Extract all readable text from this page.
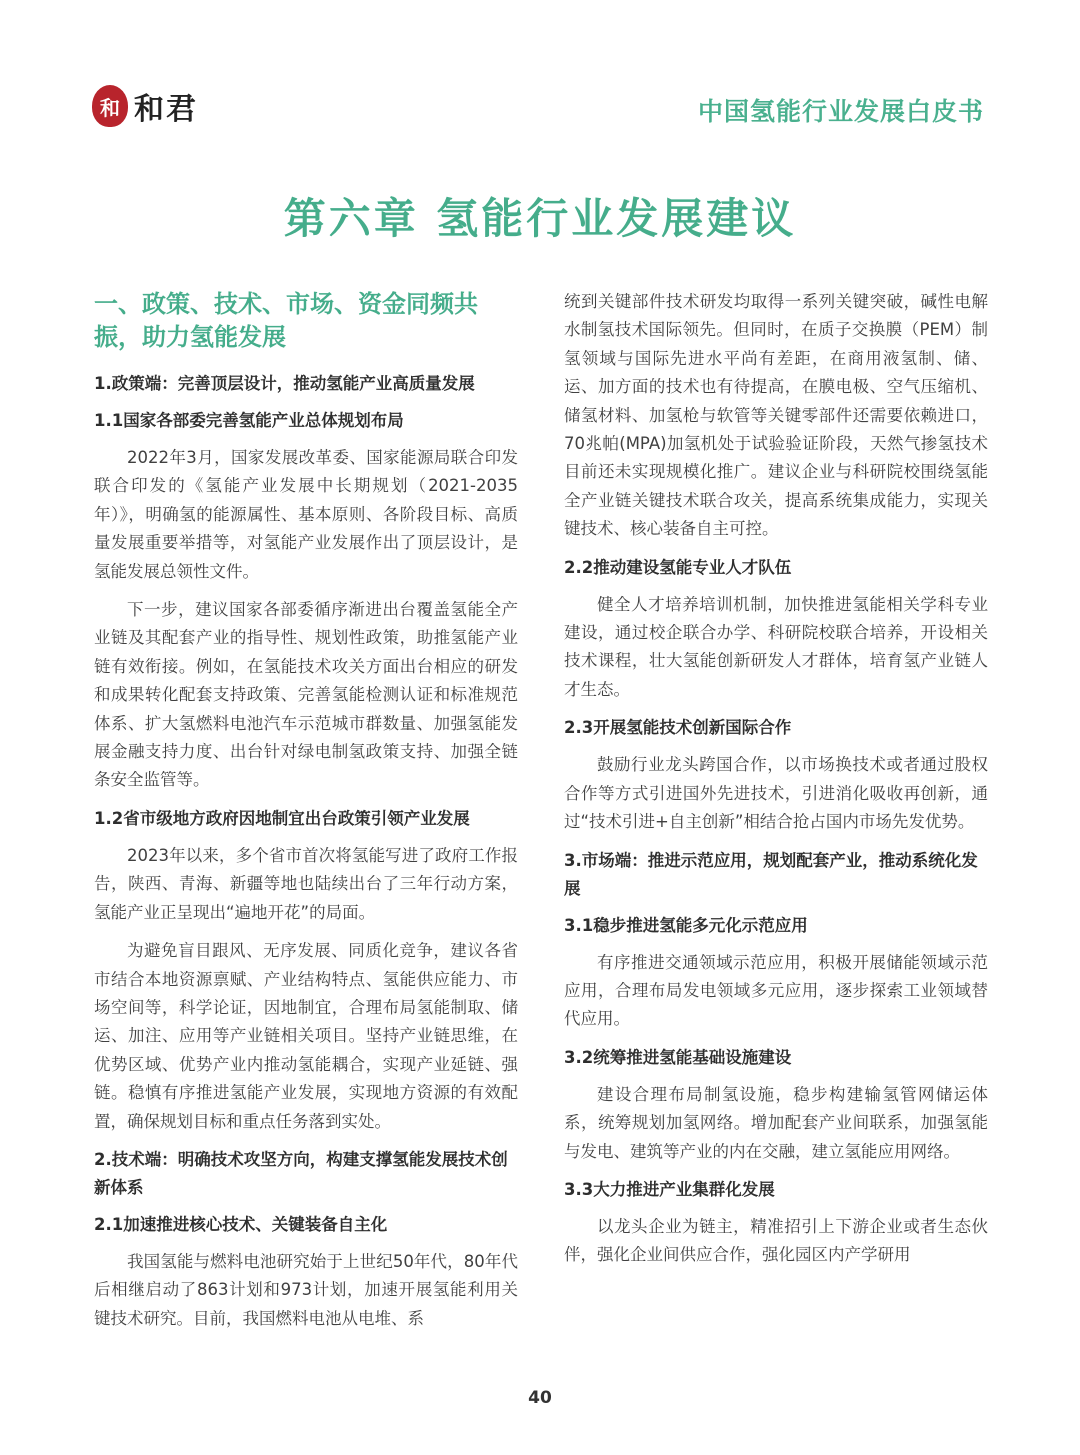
和 和君	中国氢能行业发展白皮书
第六章 氢能行业发展建议
一、政策、技术、市场、资金同频共振，助力氢能发展
1.政策端：完善顶层设计，推动氢能产业高质量发展
1.1国家各部委完善氢能产业总体规划布局
2022年3月，国家发展改革委、国家能源局联合印发联合印发的《氢能产业发展中长期规划（2021-2035年）》，明确氢的能源属性、基本原则、各阶段目标、高质量发展重要举措等，对氢能产业发展作出了顶层设计，是氢能发展总领性文件。
下一步，建议国家各部委循序渐进出台覆盖氢能全产业链及其配套产业的指导性、规划性政策，助推氢能产业链有效衔接。例如，在氢能技术攻关方面出台相应的研发和成果转化配套支持政策、完善氢能检测认证和标准规范体系、扩大氢燃料电池汽车示范城市群数量、加强氢能发展金融支持力度、出台针对绿电制氢政策支持、加强全链条安全监管等。
1.2省市级地方政府因地制宜出台政策引领产业发展
2023年以来，多个省市首次将氢能写进了政府工作报告，陕西、青海、新疆等地也陆续出台了三年行动方案，氢能产业正呈现出“遍地开花”的局面。
为避免盲目跟风、无序发展、同质化竞争，建议各省市结合本地资源禀赋、产业结构特点、氢能供应能力、市场空间等，科学论证，因地制宜，合理布局氢能制取、储运、加注、应用等产业链相关项目。坚持产业链思维，在优势区域、优势产业内推动氢能耦合，实现产业延链、强链。稳慎有序推进氢能产业发展，实现地方资源的有效配置，确保规划目标和重点任务落到实处。
2.技术端：明确技术攻坚方向，构建支撑氢能发展技术创新体系
2.1加速推进核心技术、关键装备自主化
我国氢能与燃料电池研究始于上世纪50年代，80年代后相继启动了863计划和973计划，加速开展氢能利用关键技术研究。目前，我国燃料电池从电堆、系
统到关键部件技术研发均取得一系列关键突破，碱性电解水制氢技术国际领先。但同时，在质子交换膜（PEM）制氢领域与国际先进水平尚有差距，在商用液氢制、储、运、加方面的技术也有待提高，在膜电极、空气压缩机、储氢材料、加氢枪与软管等关键零部件还需要依赖进口，70兆帕(MPA)加氢机处于试验验证阶段，天然气掺氢技术目前还未实现规模化推广。建议企业与科研院校围绕氢能全产业链关键技术联合攻关，提高系统集成能力，实现关键技术、核心装备自主可控。
2.2推动建设氢能专业人才队伍
健全人才培养培训机制，加快推进氢能相关学科专业建设，通过校企联合办学、科研院校联合培养，开设相关技术课程，壮大氢能创新研发人才群体，培育氢产业链人才生态。
2.3开展氢能技术创新国际合作
鼓励行业龙头跨国合作，以市场换技术或者通过股权合作等方式引进国外先进技术，引进消化吸收再创新，通过“技术引进+自主创新”相结合抢占国内市场先发优势。
3.市场端：推进示范应用，规划配套产业，推动系统化发展
3.1稳步推进氢能多元化示范应用
有序推进交通领域示范应用，积极开展储能领域示范应用，合理布局发电领域多元应用，逐步探索工业领域替代应用。
3.2统筹推进氢能基础设施建设
建设合理布局制氢设施，稳步构建输氢管网储运体系，统筹规划加氢网络。增加配套产业间联系，加强氢能与发电、建筑等产业的内在交融，建立氢能应用网络。
3.3大力推进产业集群化发展
以龙头企业为链主，精准招引上下游企业或者生态伙伴，强化企业间供应合作，强化园区内产学研用
40
